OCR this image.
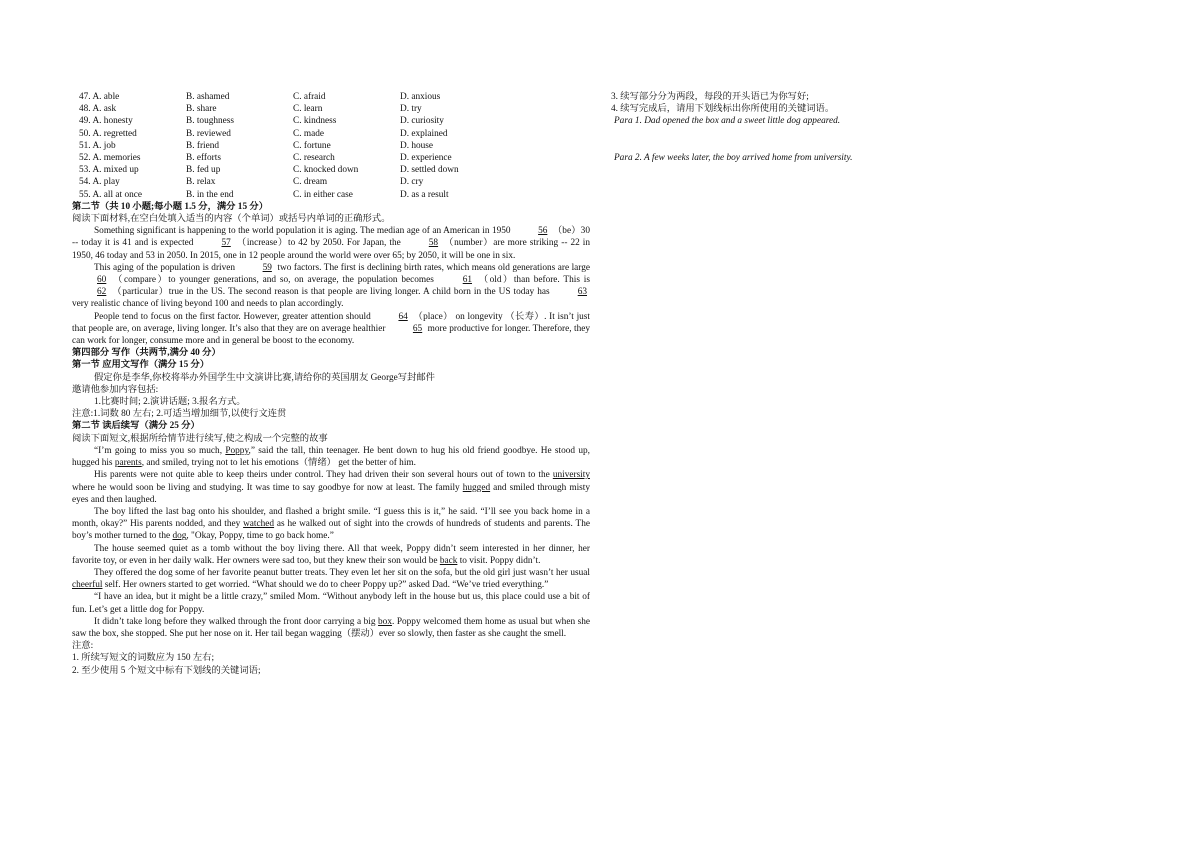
47. A. able	B. ashamed	C. afraid	D. anxious
48. A. ask	B. share	C. learn	D. try
49. A. honesty	B. toughness	C. kindness	D. curiosity
50. A. regretted	B. reviewed	C. made	D. explained
51. A. job	B. friend	C. fortune	D. house
52. A. memories	B. efforts	C. research	D. experience
53. A. mixed up	B. fed up	C. knocked down	D. settled down
54. A. play	B. relax	C. dream	D. cry
55. A. all at once	B. in the end	C. in either case	D. as a result
第二节（共 10 小题;每小题 1.5 分，满分 15 分）
阅读下面材料,在空白处填入适当的内容（个单词）或括号内单词的正确形式。
Something significant is happening to the world population it is aging. The median age of an American in 1950	56 （be）30 -- today it is 41 and is expected	57 （increase）to 42 by 2050. For Japan, the	58 （number）are more striking -- 22 in 1950, 46 today and 53 in 2050. In 2015, one in 12 people around the world were over 65; by 2050, it will be one in six.
This aging of the population is driven	59 two factors. The first is declining birth rates, which means old generations are large 60 （compare）to younger generations, and so, on average, the population becomes	61 （old）than before. This is 62 （particular）true in the US. The second reason is that people are living longer. A child born in the US today has	63 very realistic chance of living beyond 100 and needs to plan accordingly.
People tend to focus on the first factor. However, greater attention should	64 （place） on longevity （长寿）. It isn’t just that people are, on average, living longer. It’s also that they are on average healthier	65 more productive for longer. Therefore, they can work for longer, consume more and in general be boost to the economy.
第四部分 写作（共两节,满分 40 分）
第一节 应用文写作（满分 15 分）
假定你是李华,你校将举办外国学生中文演讲比赛,请给你的英国朋友 George写封邮件
邀请他参加内容包括:
1.比赛时间; 2.演讲话题; 3.报名方式。
注意:1.词数 80 左右; 2.可适当增加细节,以使行文连贯
第二节 读后续写（满分 25 分）
阅读下面短文,根据所给情节进行续写,使之构成一个完整的故事
“I’m going to miss you so much, Poppy,” said the tall, thin teenager. He bent down to hug his old friend goodbye. He stood up, hugged his parents, and smiled, trying not to let his emotions（情绪） get the better of him.
His parents were not quite able to keep theirs under control. They had driven their son several hours out of town to the university where he would soon be living and studying. It was time to say goodbye for now at least. The family hugged and smiled through misty eyes and then laughed.
The boy lifted the last bag onto his shoulder, and flashed a bright smile. “I guess this is it,” he said. “I’ll see you back home in a month, okay?” His parents nodded, and they watched as he walked out of sight into the crowds of hundreds of students and parents. The boy’s mother turned to the dog, "Okay, Poppy, time to go back home.”
The house seemed quiet as a tomb without the boy living there. All that week, Poppy didn’t seem interested in her dinner, her favorite toy, or even in her daily walk. Her owners were sad too, but they knew their son would be back to visit. Poppy didn’t.
They offered the dog some of her favorite peanut butter treats. They even let her sit on the sofa, but the old girl just wasn’t her usual cheerful self. Her owners started to get worried. “What should we do to cheer Poppy up?” asked Dad. “We’ve tried everything.”
“I have an idea, but it might be a little crazy,” smiled Mom. “Without anybody left in the house but us, this place could use a bit of fun. Let’s get a little dog for Poppy.
It didn’t take long before they walked through the front door carrying a big box. Poppy welcomed them home as usual but when she saw the box, she stopped. She put her nose on it. Her tail began wagging（摆动）ever so slowly, then faster as she caught the smell.
注意:
1. 所续写短文的词数应为 150 左右;
2. 至少使用 5 个短文中标有下划线的关键词语;
3. 续写部分分为两段，每段的开头语已为你写好;
4. 续写完成后，请用下划线标出你所使用的关键词语。
Para 1. Dad opened the box and a sweet little dog appeared.
Para 2. A few weeks later, the boy arrived home from university.
